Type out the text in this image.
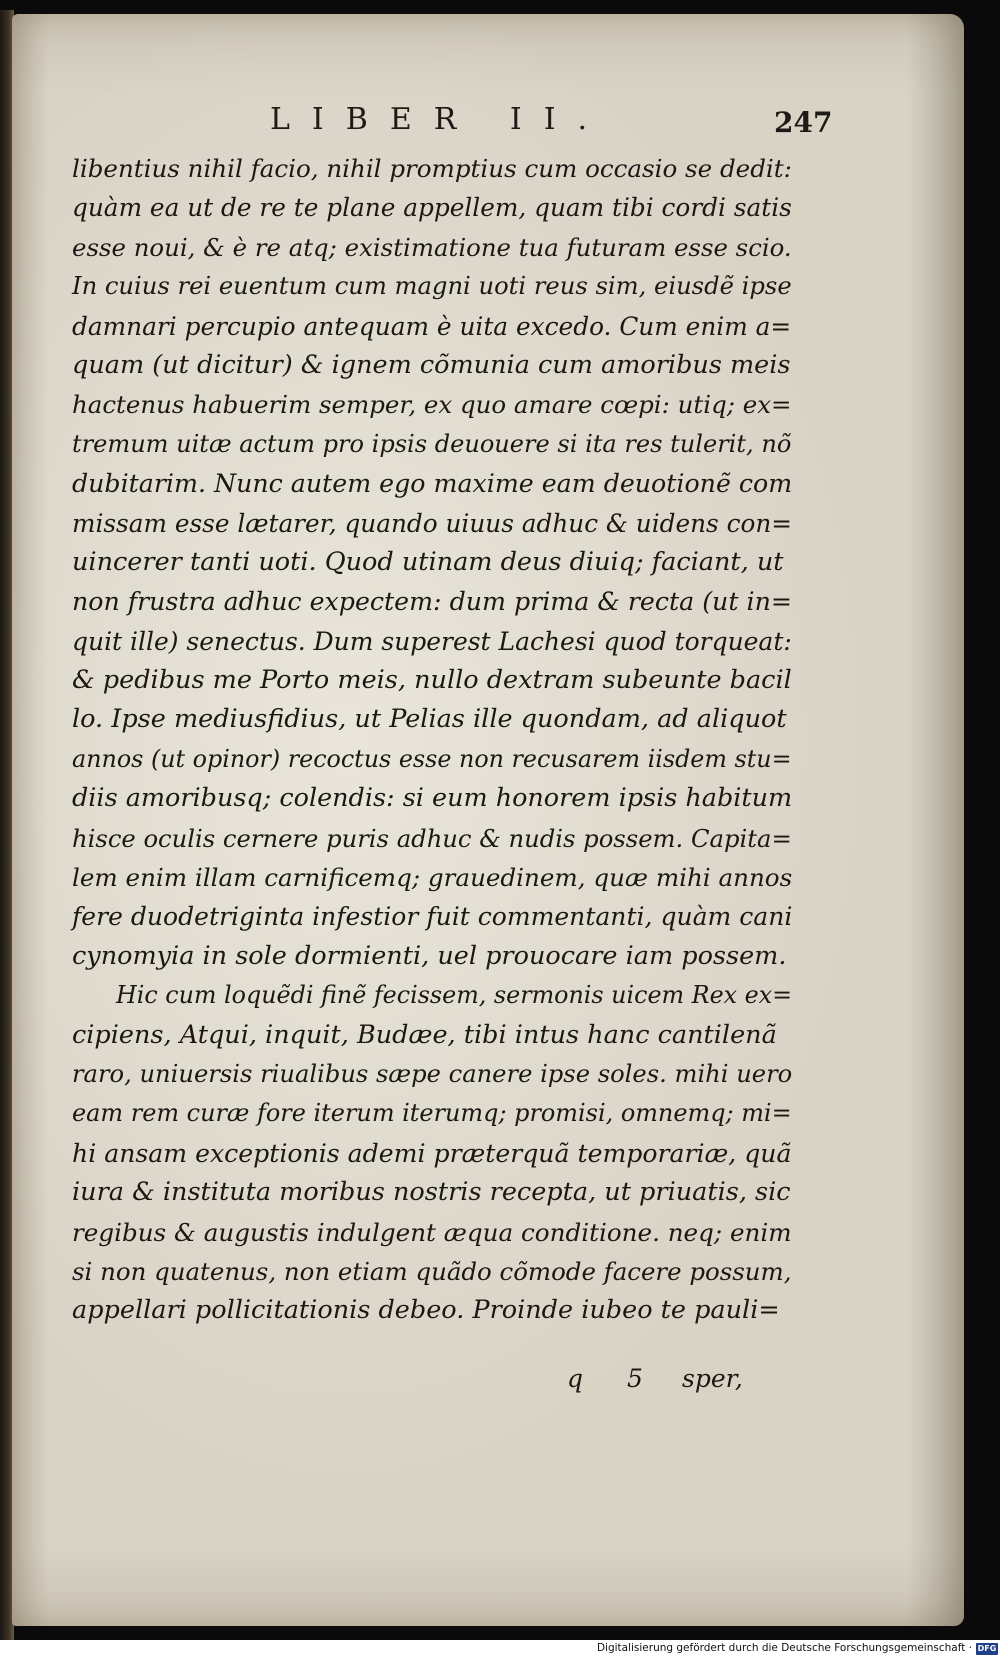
LIBER II.	247
libentius nihil facio, nihil promptius cum occasio se dedit:
quàm ea ut de re te plane appellem, quam tibi cordi satis
esse noui, & è re atq; existimatione tua futuram esse scio.
In cuius rei euentum cum magni uoti reus sim, eiusdẽ ipse
damnari percupio antequam è uita excedo. Cum enim a=
quam (ut dicitur) & ignem cõmunia cum amoribus meis
hactenus habuerim semper, ex quo amare cœpi: utiq; ex=
tremum uitæ actum pro ipsis deuouere si ita res tulerit, nõ
dubitarim. Nunc autem ego maxime eam deuotionẽ com
missam esse lætarer, quando uiuus adhuc & uidens con=
uincerer tanti uoti. Quod utinam deus diuiq; faciant, ut
non frustra adhuc expectem: dum prima & recta (ut in=
quit ille) senectus. Dum superest Lachesi quod torqueat:
& pedibus me Porto meis, nullo dextram subeunte bacil
lo. Ipse mediusfidius, ut Pelias ille quondam, ad aliquot
annos (ut opinor) recoctus esse non recusarem iisdem stu=
diis amoribusq; colendis: si eum honorem ipsis habitum
hisce oculis cernere puris adhuc & nudis possem. Capita=
lem enim illam carnificemq; grauedinem, quæ mihi annos
fere duodetriginta infestior fuit commentanti, quàm cani
cynomyia in sole dormienti, uel prouocare iam possem.
Hic cum loquẽdi finẽ fecissem, sermonis uicem Rex ex=
cipiens, Atqui, inquit, Budæe, tibi intus hanc cantilenã
raro, uniuersis riualibus sæpe canere ipse soles. mihi uero
eam rem curæ fore iterum iterumq; promisi, omnemq; mi=
hi ansam exceptionis ademi præterquã temporariæ, quã
iura & instituta moribus nostris recepta, ut priuatis, sic
regibus & augustis indulgent æqua conditione. neq; enim
si non quatenus, non etiam quãdo cõmode facere possum,
appellari pollicitationis debeo. Proinde iubeo te pauli=
q 5 sper,
Digitalisierung gefördert durch die Deutsche Forschungsgemeinschaft · DFG
